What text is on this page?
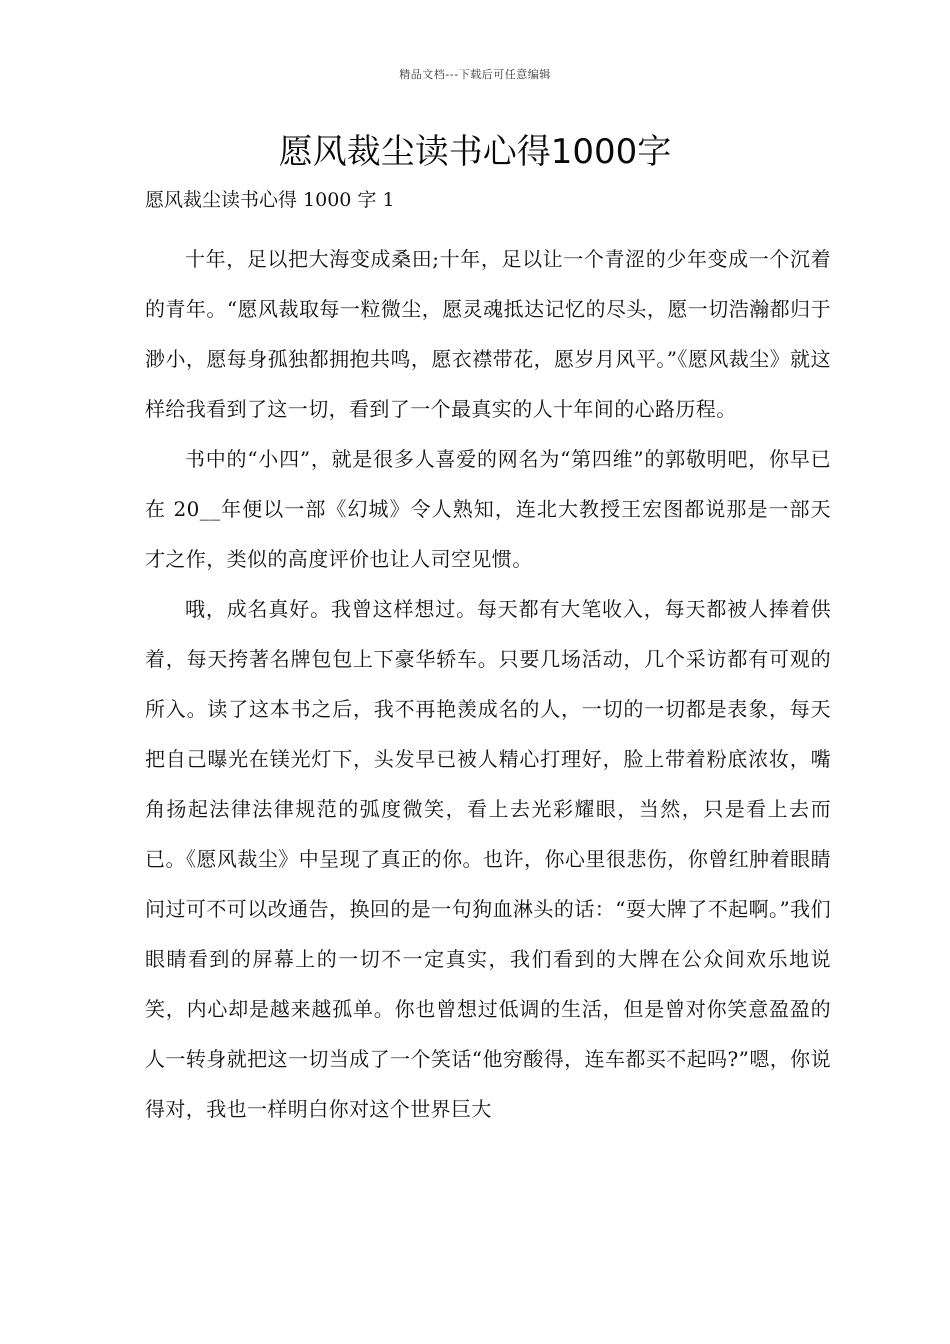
精品文档---下载后可任意编辑
愿风裁尘读书心得1000字

愿风裁尘读书心得 1000 字 1

十年，足以把大海变成桑田;十年，足以让一个青涩的少年变成一个沉着的青年。“愿风裁取每一粒微尘，愿灵魂抵达记忆的尽头，愿一切浩瀚都归于渺小，愿每身孤独都拥抱共鸣，愿衣襟带花，愿岁月风平。”《愿风裁尘》就这样给我看到了这一切，看到了一个最真实的人十年间的心路历程。

书中的“小四”，就是很多人喜爱的网名为“第四维”的郭敬明吧，你早已在 20__年便以一部《幻城》令人熟知，连北大教授王宏图都说那是一部天才之作，类似的高度评价也让人司空见惯。

哦，成名真好。我曾这样想过。每天都有大笔收入，每天都被人捧着供着，每天挎著名牌包包上下豪华轿车。只要几场活动，几个采访都有可观的所入。读了这本书之后，我不再艳羡成名的人，一切的一切都是表象，每天把自己曝光在镁光灯下，头发早已被人精心打理好，脸上带着粉底浓妆，嘴角扬起法律法律规范的弧度微笑，看上去光彩耀眼，当然，只是看上去而已。《愿风裁尘》中呈现了真正的你。也许，你心里很悲伤，你曾红肿着眼睛问过可不可以改通告，换回的是一句狗血淋头的话：“耍大牌了不起啊。”我们眼睛看到的屏幕上的一切不一定真实，我们看到的大牌在公众间欢乐地说笑，内心却是越来越孤单。你也曾想过低调的生活，但是曾对你笑意盈盈的人一转身就把这一切当成了一个笑话“他穷酸得，连车都买不起吗?”嗯，你说得对，我也一样明白你对这个世界巨大
